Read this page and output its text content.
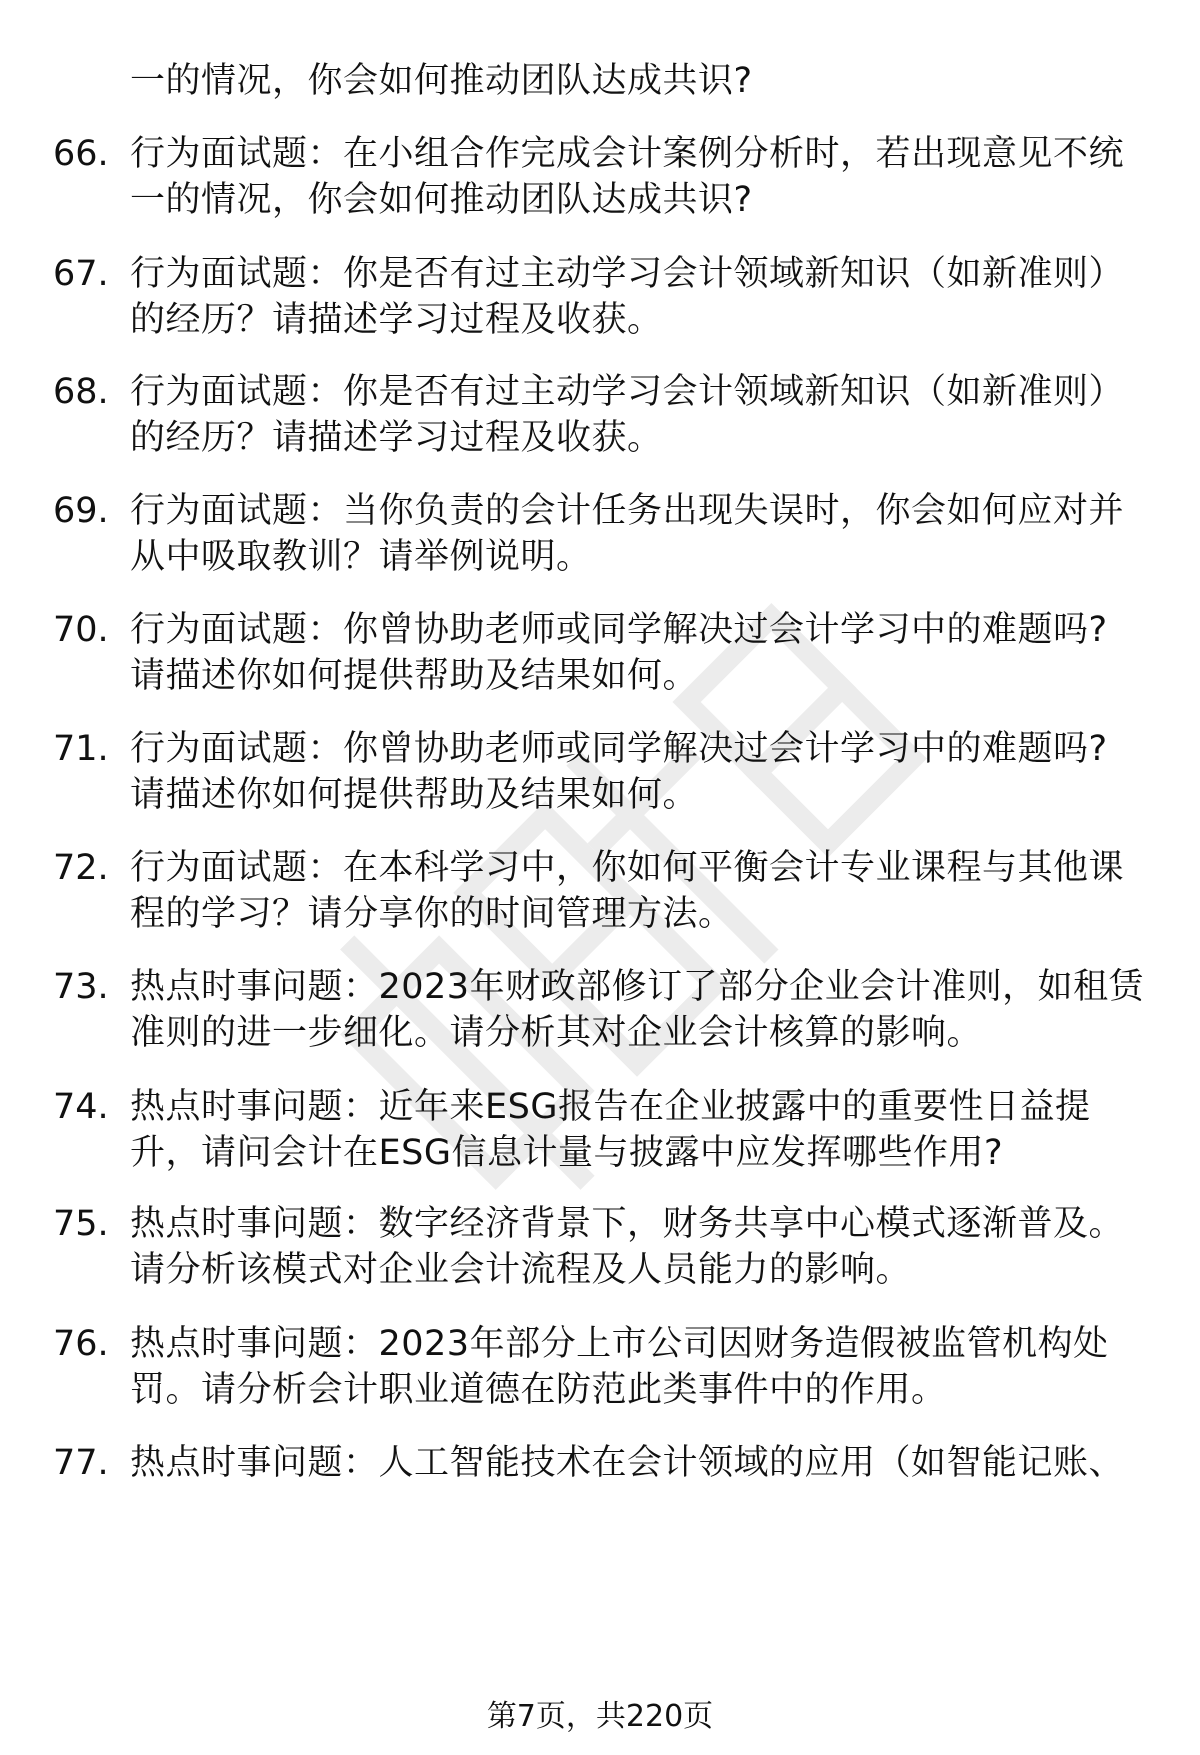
一的情况，你会如何推动团队达成共识?
66. 行为面试题：在小组合作完成会计案例分析时，若出现意见不统
一的情况，你会如何推动团队达成共识?
67. 行为面试题：你是否有过主动学习会计领域新知识（如新准则）
的经历？请描述学习过程及收获。
68. 行为面试题：你是否有过主动学习会计领域新知识（如新准则）
的经历？请描述学习过程及收获。
69. 行为面试题：当你负责的会计任务出现失误时，你会如何应对并
从中吸取教训？请举例说明。
70. 行为面试题：你曾协助老师或同学解决过会计学习中的难题吗?
请描述你如何提供帮助及结果如何。
71. 行为面试题：你曾协助老师或同学解决过会计学习中的难题吗?
请描述你如何提供帮助及结果如何。
72. 行为面试题：在本科学习中，你如何平衡会计专业课程与其他课
程的学习？请分享你的时间管理方法。
73. 热点时事问题：2023年财政部修订了部分企业会计准则，如租赁
准则的进一步细化。请分析其对企业会计核算的影响。
74. 热点时事问题：近年来ESG报告在企业披露中的重要性日益提
升，请问会计在ESG信息计量与披露中应发挥哪些作用?
75. 热点时事问题：数字经济背景下，财务共享中心模式逐渐普及。
请分析该模式对企业会计流程及人员能力的影响。
76. 热点时事问题：2023年部分上市公司因财务造假被监管机构处
罚。请分析会计职业道德在防范此类事件中的作用。
77. 热点时事问题：人工智能技术在会计领域的应用（如智能记账、
第7页，共220页
